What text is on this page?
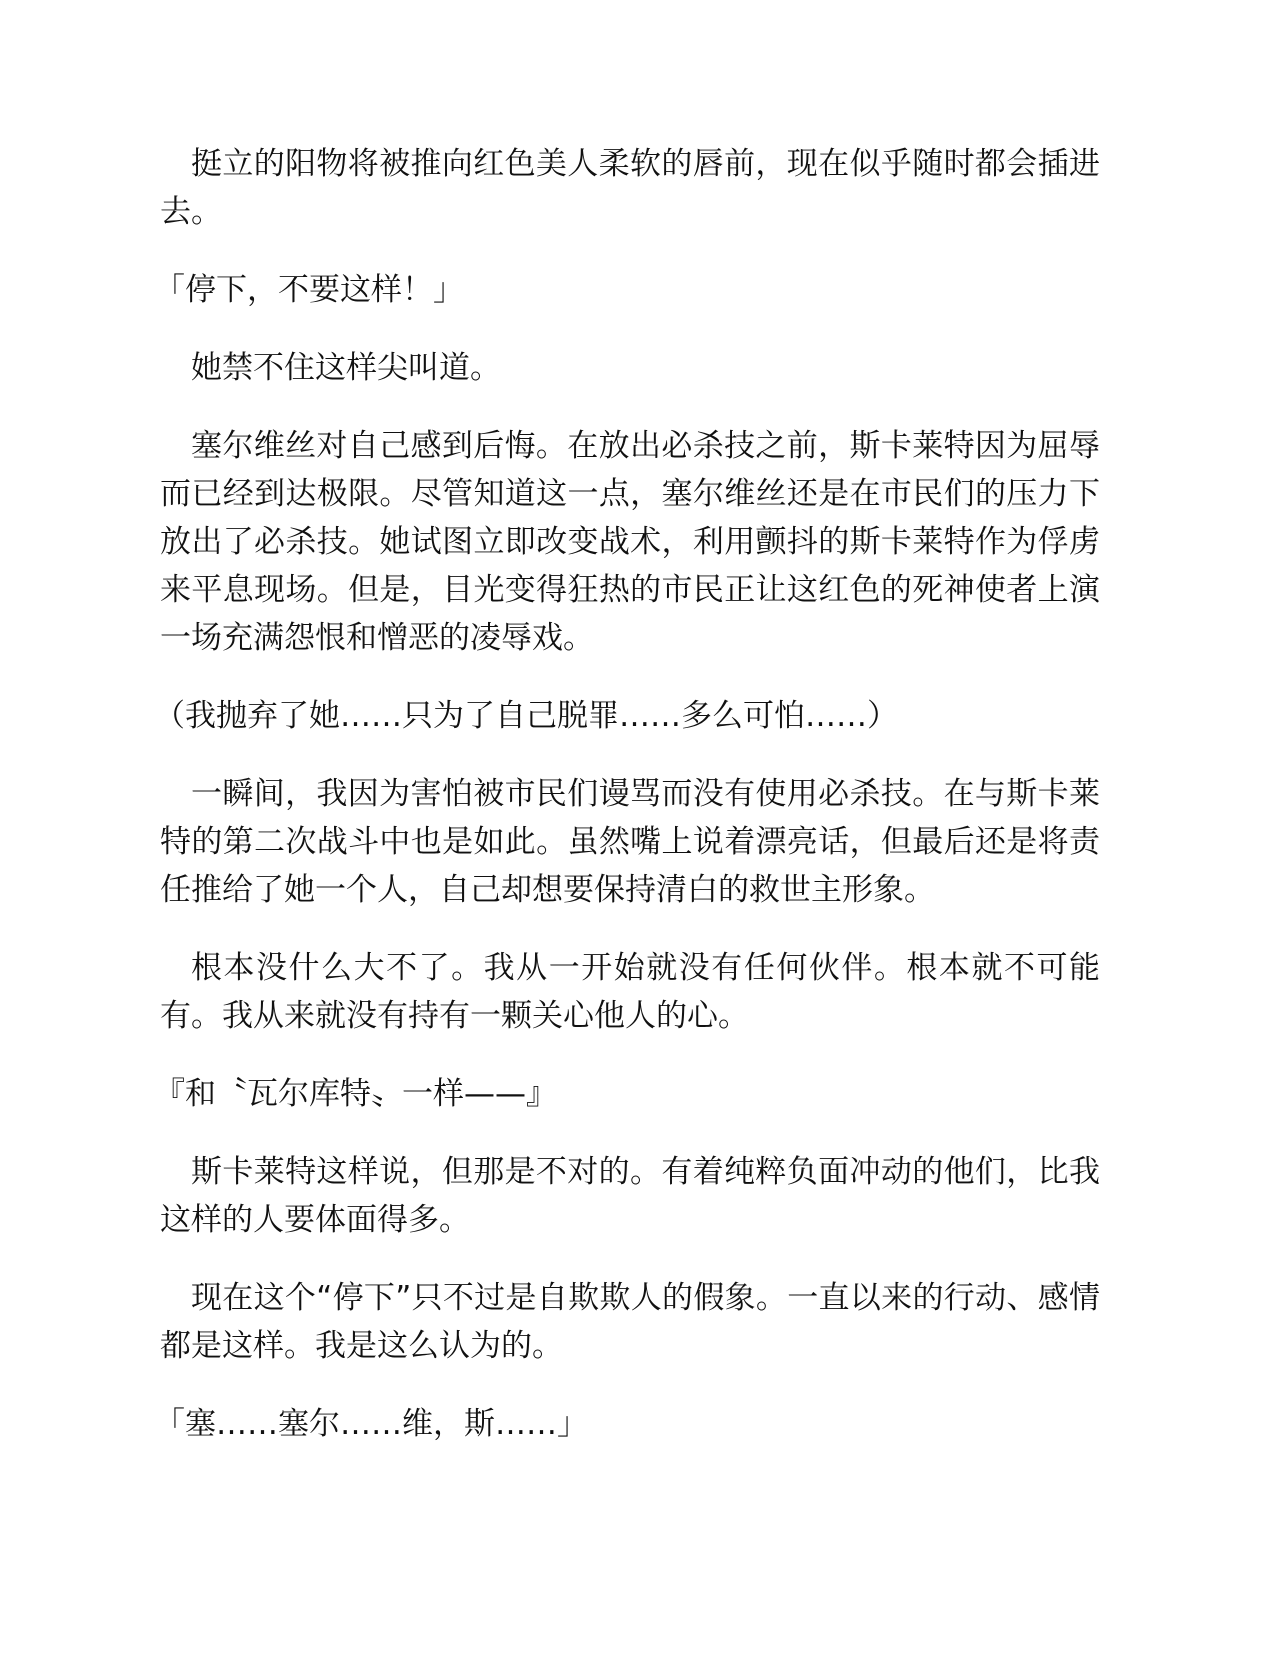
挺立的阳物将被推向红色美人柔软的唇前，现在似乎随时都会插进去。

「停下，不要这样！」

她禁不住这样尖叫道。

塞尔维丝对自己感到后悔。在放出必杀技之前，斯卡莱特因为屈辱而已经到达极限。尽管知道这一点，塞尔维丝还是在市民们的压力下放出了必杀技。她试图立即改变战术，利用颤抖的斯卡莱特作为俘虏来平息现场。但是，目光变得狂热的市民正让这红色的死神使者上演一场充满怨恨和憎恶的凌辱戏。

（我抛弃了她……只为了自己脱罪……多么可怕……）

一瞬间，我因为害怕被市民们谩骂而没有使用必杀技。在与斯卡莱特的第二次战斗中也是如此。虽然嘴上说着漂亮话，但最后还是将责任推给了她一个人，自己却想要保持清白的救世主形象。

根本没什么大不了。我从一开始就没有任何伙伴。根本就不可能有。我从来就没有持有一颗关心他人的心。

『和〝瓦尔库特〟一样——』

斯卡莱特这样说，但那是不对的。有着纯粹负面冲动的他们，比我这样的人要体面得多。

现在这个“停下”只不过是自欺欺人的假象。一直以来的行动、感情都是这样。我是这么认为的。

「塞……塞尔……维，斯……」
